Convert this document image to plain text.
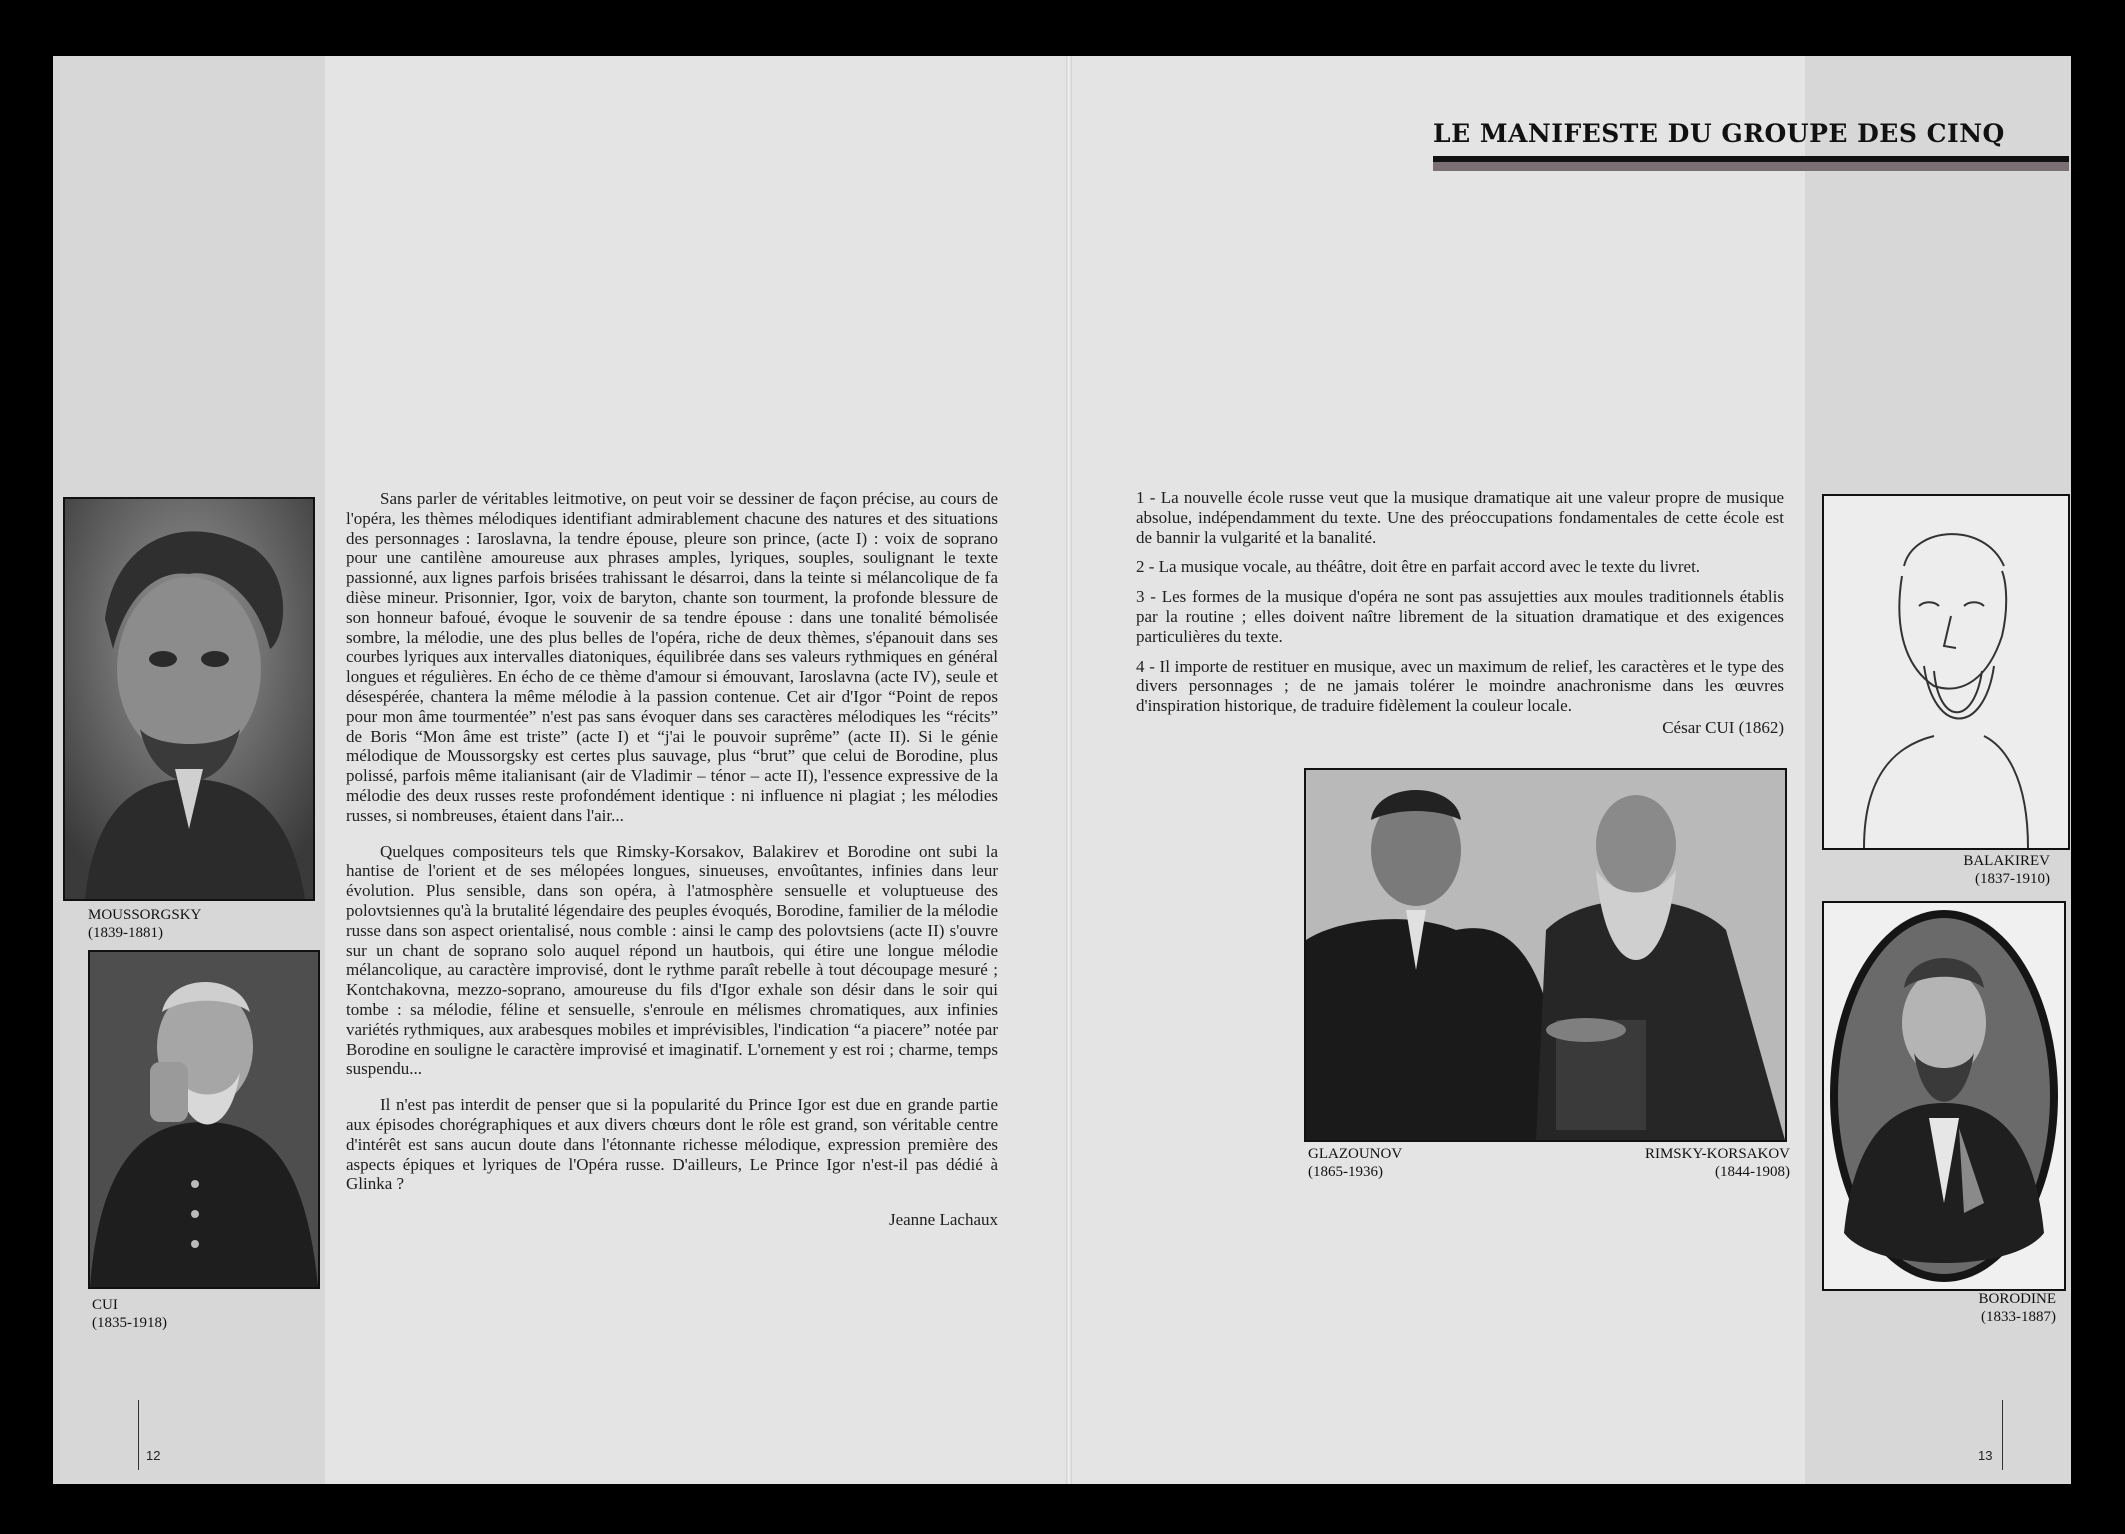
MOUSSORGSKY
(1839-1881)
CUI
(1835-1918)

Sans parler de véritables leitmotive, on peut voir se dessiner de façon précise, au cours de l'opéra, les thèmes mélodiques identifiant admirablement chacune des natures et des situations des personnages : Iaroslavna, la tendre épouse, pleure son prince, (acte I) : voix de soprano pour une cantilène amoureuse aux phrases amples, lyriques, souples, soulignant le texte passionné, aux lignes parfois brisées trahissant le désarroi, dans la teinte si mélancolique de fa dièse mineur. Prisonnier, Igor, voix de baryton, chante son tourment, la profonde blessure de son honneur bafoué, évoque le souvenir de sa tendre épouse : dans une tonalité bémolisée sombre, la mélodie, une des plus belles de l'opéra, riche de deux thèmes, s'épanouit dans ses courbes lyriques aux intervalles diatoniques, équilibrée dans ses valeurs rythmiques en général longues et régulières. En écho de ce thème d'amour si émouvant, Iaroslavna (acte IV), seule et désespérée, chantera la même mélodie à la passion contenue. Cet air d'Igor “Point de repos pour mon âme tourmentée” n'est pas sans évoquer dans ses caractères mélodiques les “récits” de Boris “Mon âme est triste” (acte I) et “j'ai le pouvoir suprême” (acte II). Si le génie mélodique de Moussorgsky est certes plus sauvage, plus “brut” que celui de Borodine, plus polissé, parfois même italianisant (air de Vladimir – ténor – acte II), l'essence expressive de la mélodie des deux russes reste profondément identique : ni influence ni plagiat ; les mélodies russes, si nombreuses, étaient dans l'air...

Quelques compositeurs tels que Rimsky-Korsakov, Balakirev et Borodine ont subi la hantise de l'orient et de ses mélopées longues, sinueuses, envoûtantes, infinies dans leur évolution. Plus sensible, dans son opéra, à l'atmosphère sensuelle et voluptueuse des polovtsiennes qu'à la brutalité légendaire des peuples évoqués, Borodine, familier de la mélodie russe dans son aspect orientalisé, nous comble : ainsi le camp des polovtsiens (acte II) s'ouvre sur un chant de soprano solo auquel répond un hautbois, qui étire une longue mélodie mélancolique, au caractère improvisé, dont le rythme paraît rebelle à tout découpage mesuré ; Kontchakovna, mezzo-soprano, amoureuse du fils d'Igor exhale son désir dans le soir qui tombe : sa mélodie, féline et sensuelle, s'enroule en mélismes chromatiques, aux infinies variétés rythmiques, aux arabesques mobiles et imprévisibles, l'indication “a piacere” notée par Borodine en souligne le caractère improvisé et imaginatif. L'ornement y est roi ; charme, temps suspendu...

Il n'est pas interdit de penser que si la popularité du Prince Igor est due en grande partie aux épisodes chorégraphiques et aux divers chœurs dont le rôle est grand, son véritable centre d'intérêt est sans aucun doute dans l'étonnante richesse mélodique, expression première des aspects épiques et lyriques de l'Opéra russe. D'ailleurs, Le Prince Igor n'est-il pas dédié à Glinka ?

Jeanne Lachaux

12
LE MANIFESTE DU GROUPE DES CINQ

1 - La nouvelle école russe veut que la musique dramatique ait une valeur propre de musique absolue, indépendamment du texte. Une des préoccupations fondamentales de cette école est de bannir la vulgarité et la banalité.

2 - La musique vocale, au théâtre, doit être en parfait accord avec le texte du livret.

3 - Les formes de la musique d'opéra ne sont pas assujetties aux moules traditionnels établis par la routine ; elles doivent naître librement de la situation dramatique et des exigences particulières du texte.

4 - Il importe de restituer en musique, avec un maximum de relief, les caractères et le type des divers personnages ; de ne jamais tolérer le moindre anachronisme dans les œuvres d'inspiration historique, de traduire fidèlement la couleur locale.

César CUI (1862)

GLAZOUNOV
(1865-1936)
RIMSKY-KORSAKOV
(1844-1908)
BALAKIREV
(1837-1910)
BORODINE
(1833-1887)
13
